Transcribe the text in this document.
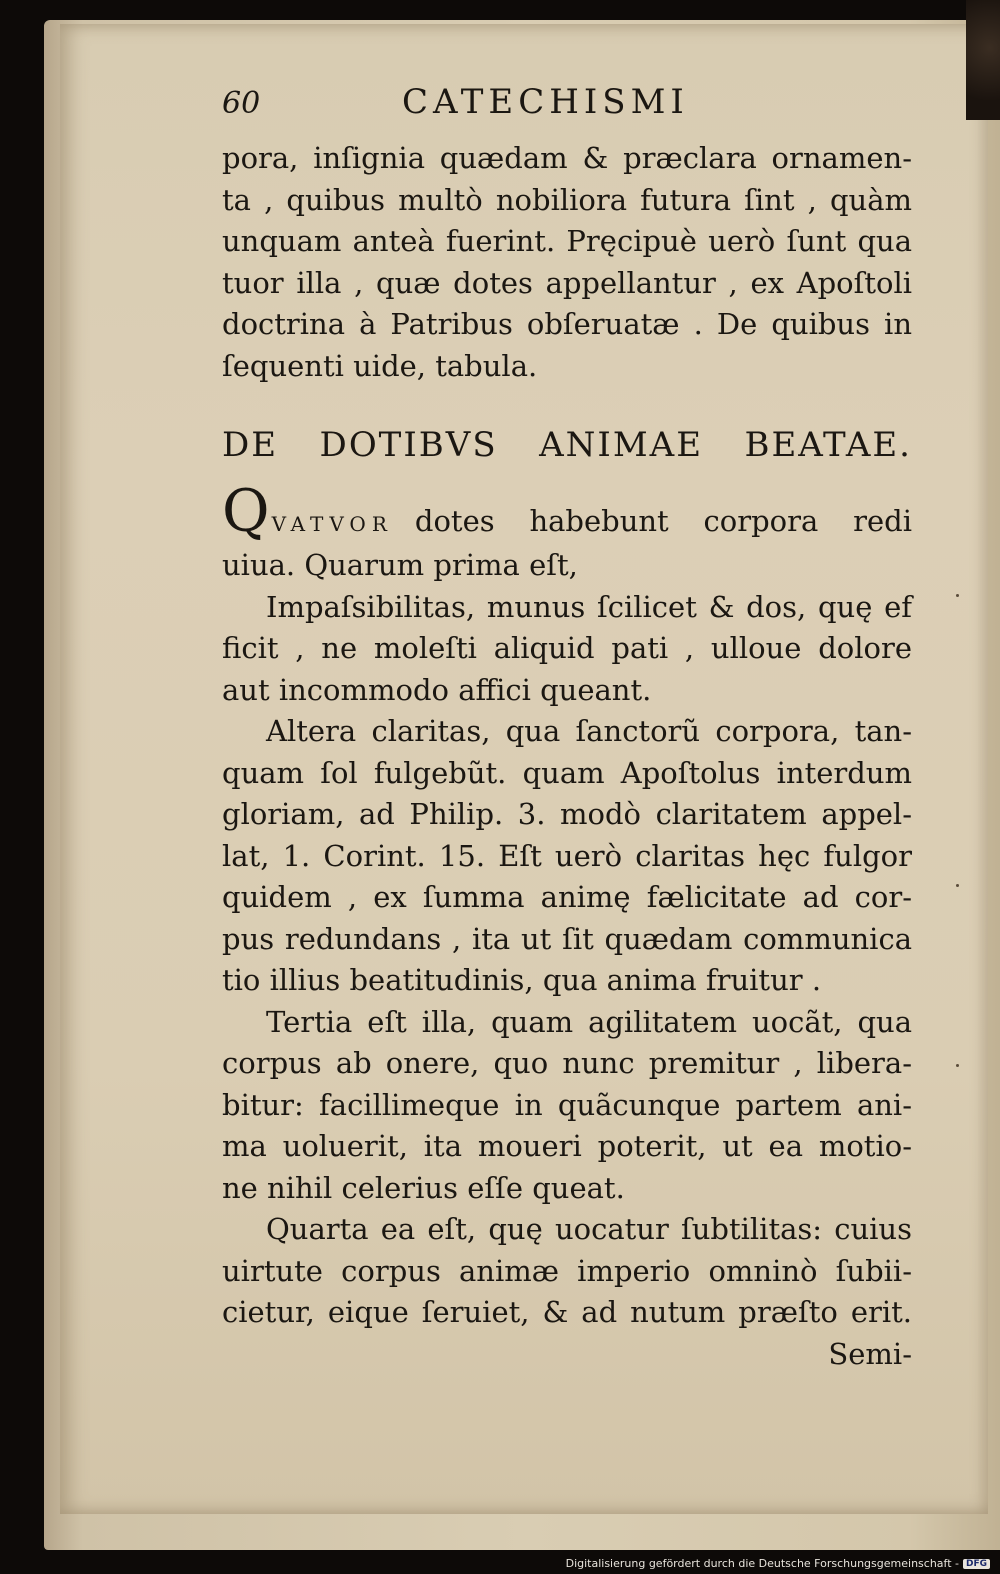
60	CATECHISMI
pora, inſignia quædam & præclara ornamen-
ta , quibus multò nobiliora futura ſint , quàm
unquam anteà fuerint. Pręcipuè uerò ſunt qua
tuor illa , quæ dotes appellantur , ex Apoſtoli
doctrina à Patribus obſeruatæ . De quibus in
ſequenti uide, tabula.
DE DOTIBVS ANIMAE BEATAE.
Q VATVOR dotes habebunt corpora redi
uiua. Quarum prima eſt,
Impaſsibilitas, munus ſcilicet & dos, quę ef
ficit , ne moleſti aliquid pati , ulloue dolore
aut incommodo affici queant.
Altera claritas, qua ſanctorũ corpora, tan-
quam ſol fulgebũt. quam Apoſtolus interdum
gloriam, ad Philip. 3. modò claritatem appel-
lat, 1. Corint. 15. Eſt uerò claritas hęc fulgor
quidem , ex ſumma animę fælicitate ad cor-
pus redundans , ita ut ſit quædam communica
tio illius beatitudinis, qua anima fruitur .
Tertia eſt illa, quam agilitatem uocãt, qua
corpus ab onere, quo nunc premitur , libera-
bitur: facillimeque in quãcunque partem ani-
ma uoluerit, ita moueri poterit, ut ea motio-
ne nihil celerius eſſe queat.
Quarta ea eſt, quę uocatur ſubtilitas: cuius
uirtute corpus animæ imperio omninò ſubii-
cietur, eique ſeruiet, & ad nutum præſto erit.
Semi-
Digitalisierung gefördert durch die Deutsche Forschungsgemeinschaft - DFG
